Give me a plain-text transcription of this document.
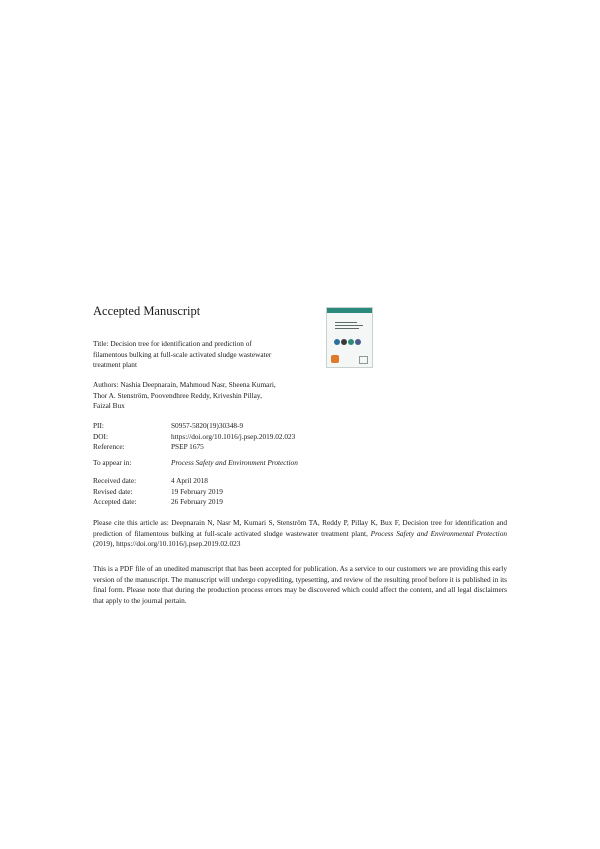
Accepted Manuscript
Title: Decision tree for identification and prediction of
filamentous bulking at full-scale activated sludge wastewater
treatment plant
Authors: Nashia Deepnarain, Mahmoud Nasr, Sheena Kumari,
Thor A. Stenström, Poovendhree Reddy, Kriveshin Pillay,
Faizal Bux
PII:	S0957-5820(19)30348-9
DOI:	https://doi.org/10.1016/j.psep.2019.02.023
Reference:	PSEP 1675
To appear in:	Process Safety and Environment Protection
Received date:	4 April 2018
Revised date:	19 February 2019
Accepted date:	26 February 2019
Please cite this article as: Deepnarain N, Nasr M, Kumari S, Stenström TA, Reddy P, Pillay K, Bux F, Decision tree for identification and prediction of filamentous bulking at full-scale activated sludge wastewater treatment plant, Process Safety and Environmental Protection (2019), https://doi.org/10.1016/j.psep.2019.02.023
This is a PDF file of an unedited manuscript that has been accepted for publication. As a service to our customers we are providing this early version of the manuscript. The manuscript will undergo copyediting, typesetting, and review of the resulting proof before it is published in its final form. Please note that during the production process errors may be discovered which could affect the content, and all legal disclaimers that apply to the journal pertain.
